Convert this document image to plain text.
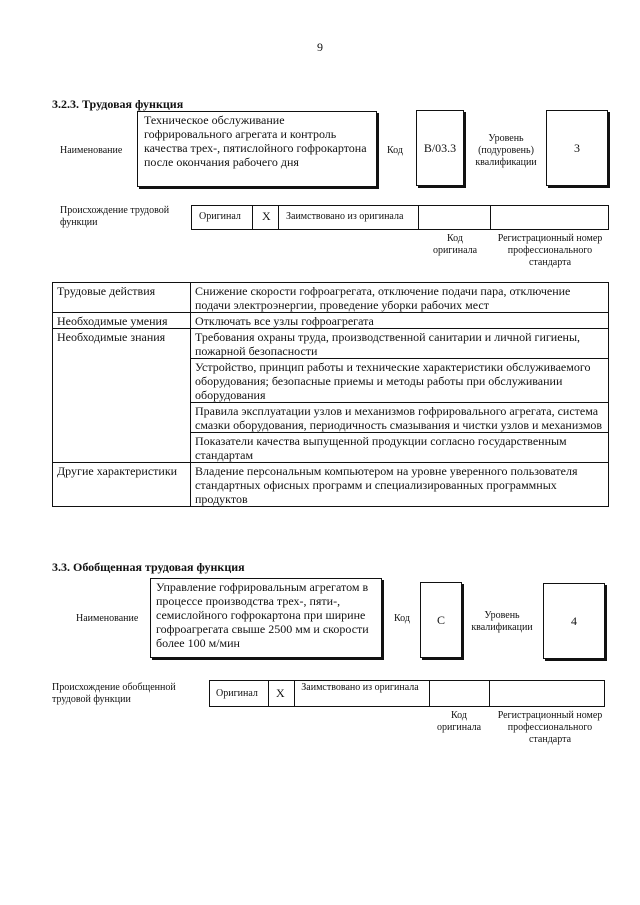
9
3.2.3. Трудовая функция
Наименование
Техническое обслуживание гофрировального агрегата и контроль качества трех-, пятислойного гофрокартона после окончания рабочего дня
Код B/03.3
Уровень (подуровень) квалификации
3
Происхождение трудовой функции
Оригинал X Заимствовано из оригинала
Код оригинала
Регистрационный номер профессионального стандарта
Трудовые действия	Снижение скорости гофроагрегата, отключение подачи пара, отключение подачи электроэнергии, проведение уборки рабочих мест
Необходимые умения	Отключать все узлы гофроагрегата
Необходимые знания	Требования охраны труда, производственной санитарии и личной гигиены, пожарной безопасности
	Устройство, принцип работы и технические характеристики обслуживаемого оборудования; безопасные приемы и методы работы при обслуживании оборудования
	Правила эксплуатации узлов и механизмов гофрировального агрегата, система смазки оборудования, периодичность смазывания и чистки узлов и механизмов
	Показатели качества выпущенной продукции согласно государственным стандартам
Другие характеристики	Владение персональным компьютером на уровне уверенного пользователя стандартных офисных программ и специализированных программных продуктов
3.3. Обобщенная трудовая функция
Наименование
Управление гофрировальным агрегатом в процессе производства трех-, пяти-, семислойного гофрокартона при ширине гофроагрегата свыше 2500 мм и скорости более 100 м/мин
Код C	Уровень квалификации	4
Происхождение обобщенной трудовой функции
Оригинал X Заимствовано из оригинала
Код оригинала
Регистрационный номер профессионального стандарта
